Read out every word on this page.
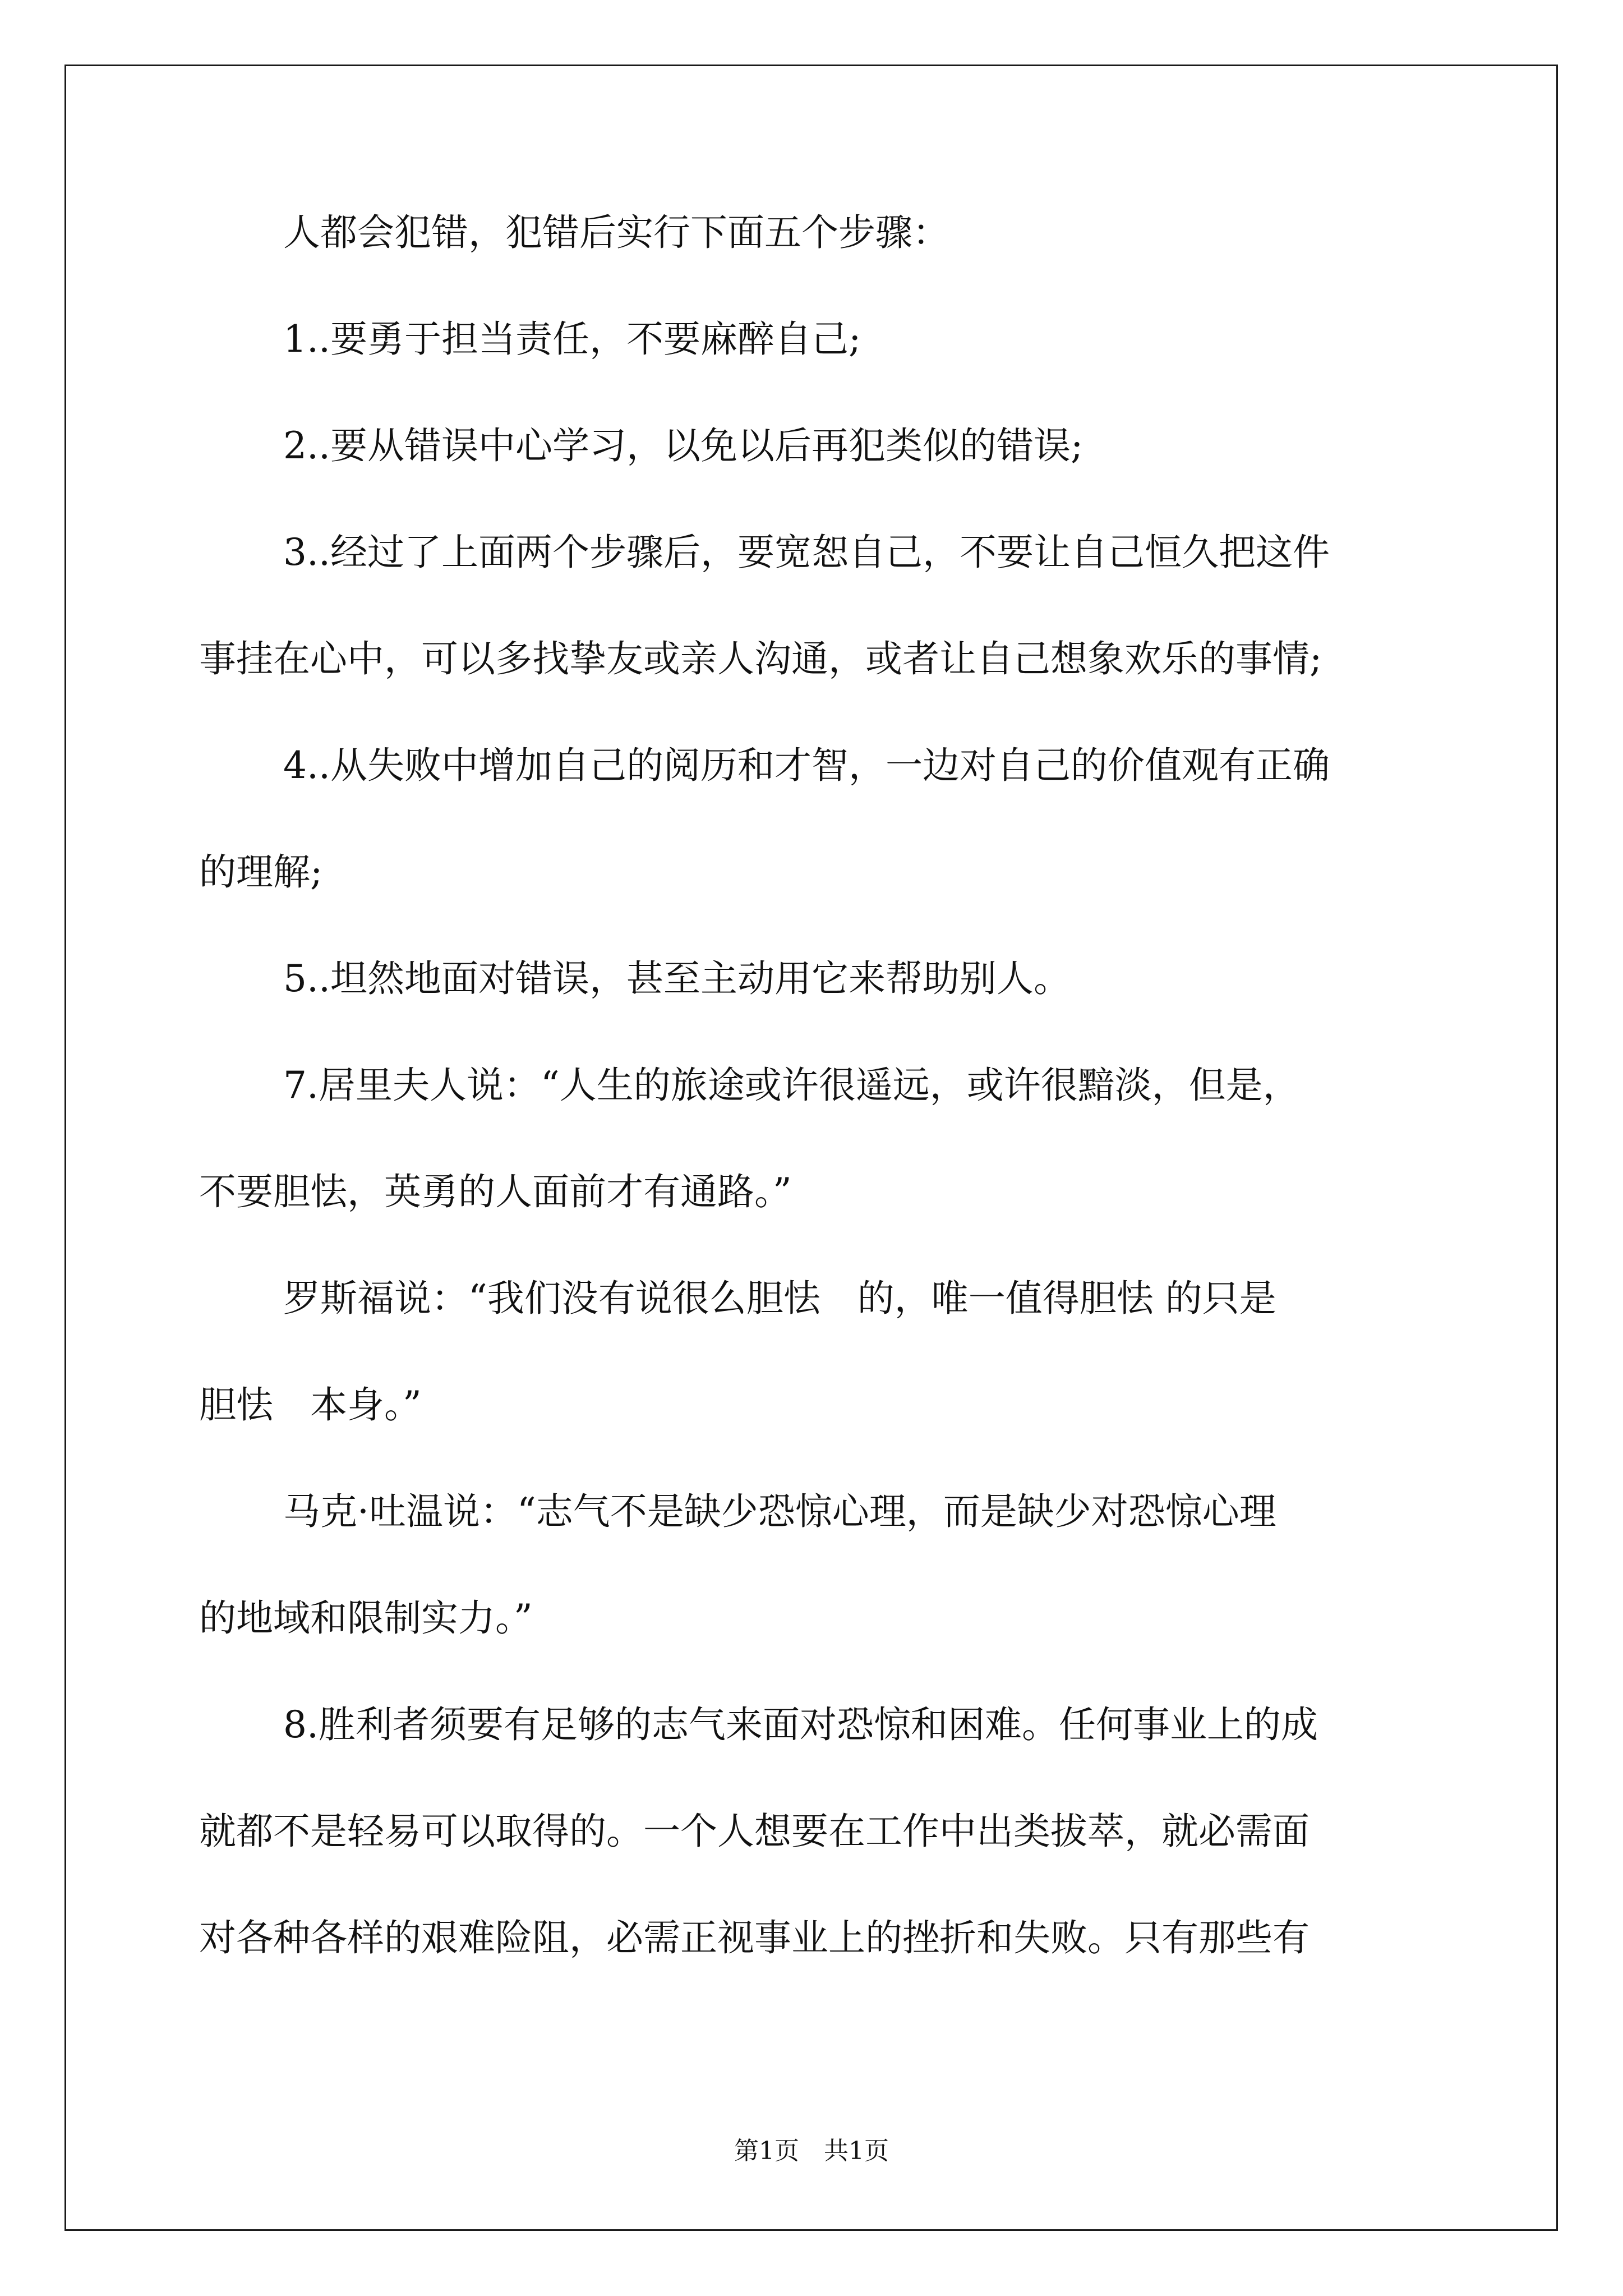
人都会犯错，犯错后实行下面五个步骤：
1..要勇于担当责任，不要麻醉自己;
2..要从错误中心学习，以免以后再犯类似的错误;
3..经过了上面两个步骤后，要宽恕自己，不要让自己恒久把这件
事挂在心中，可以多找挚友或亲人沟通，或者让自己想象欢乐的事情;
4..从失败中增加自己的阅历和才智，一边对自己的价值观有正确
的理解;
5..坦然地面对错误，甚至主动用它来帮助别人。
7.居里夫人说：“人生的旅途或许很遥远，或许很黯淡，但是，
不要胆怯，英勇的人面前才有通路。”
罗斯福说：“我们没有说很么胆怯　的，唯一值得胆怯 的只是
胆怯　本身。”
马克·吐温说：“志气不是缺少恐惊心理，而是缺少对恐惊心理
的地域和限制实力。”
8.胜利者须要有足够的志气来面对恐惊和困难。任何事业上的成
就都不是轻易可以取得的。一个人想要在工作中出类拔萃，就必需面
对各种各样的艰难险阻，必需正视事业上的挫折和失败。只有那些有
第1页　共1页
